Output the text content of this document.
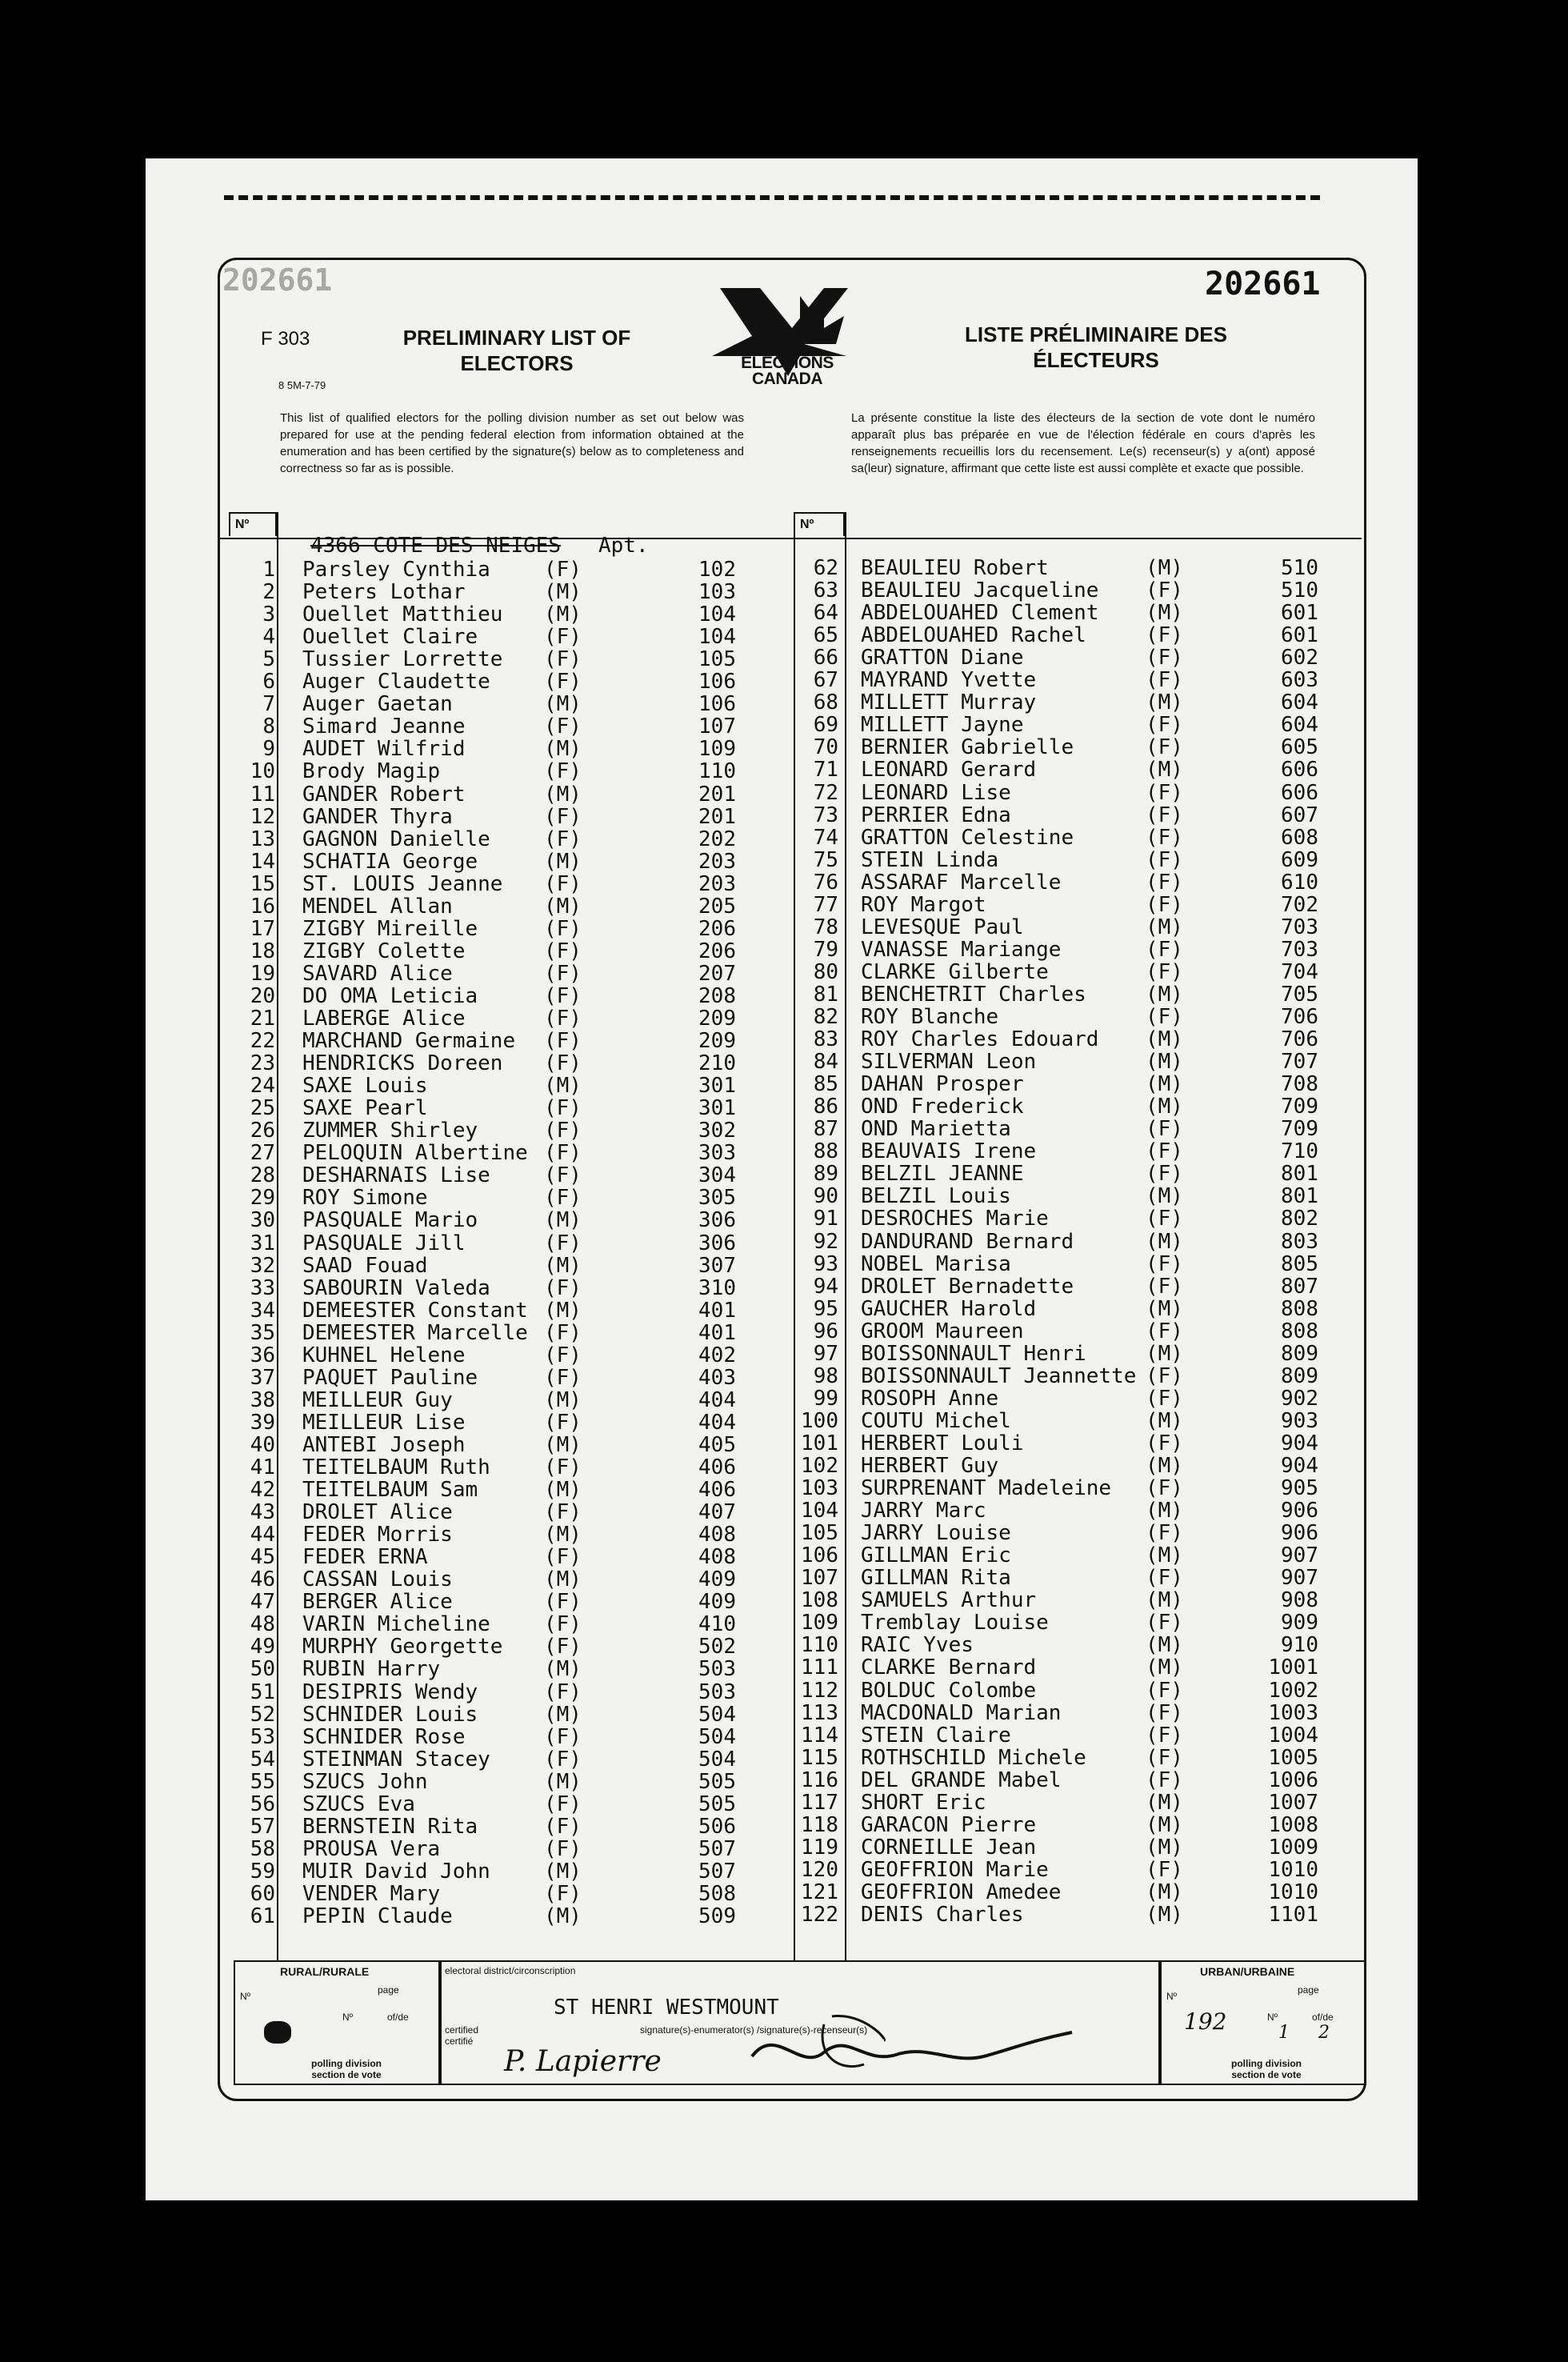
202661	202661
F 303
8 5M-7-79
PRELIMINARY LIST OF
ELECTORS
LISTE PRÉLIMINAIRE DES
ÉLECTEURS
ELECTIONS
CANADA
This list of qualified electors for the polling division number as set out below was prepared for use at the pending federal election from information obtained at the enumeration and has been certified by the signature(s) below as to completeness and correctness so far as is possible.
La présente constitue la liste des électeurs de la section de vote dont le numéro apparaît plus bas préparée en vue de l'élection fédérale en cours d'après les renseignements recueillis lors du recensement. Le(s) recenseur(s) y a(ont) apposé sa(leur) signature, affirmant que cette liste est aussi complète et exacte que possible.
Nº	Nº

4366 COTE DES NEIGES

Apt.

1 Parsley Cynthia	(F)	102
2 Peters Lothar	(M)	103
3 Ouellet Matthieu (M)	104
4 Ouellet Claire	(F)	104
5 Tussier Lorrette (F)	105
6 Auger Claudette	(F)	106
7 Auger Gaetan	(M)	106
8 Simard Jeanne	(F)	107
9 AUDET Wilfrid	(M)	109
10 Brody Magip	(F)	110
11 GANDER Robert	(M)	201
12 GANDER Thyra	(F)	201
13 GAGNON Danielle	(F)	202
14 SCHATIA George	(M)	203
15 ST. LOUIS Jeanne (F)	203
16 MENDEL Allan	(M)	205
17 ZIGBY Mireille	(F)	206
18 ZIGBY Colette	(F)	206
19 SAVARD Alice	(F)	207
20 DO OMA Leticia	(F)	208
21 LABERGE Alice	(F)	209
22 MARCHAND Germaine (F)	209
23 HENDRICKS Doreen (F)	210
24 SAXE Louis	(M)	301
25 SAXE Pearl	(F)	301
26 ZUMMER Shirley	(F)	302
27 PELOQUIN Albertine (F)	303
28 DESHARNAIS Lise	(F)	304
29 ROY Simone	(F)	305
30 PASQUALE Mario	(M)	306
31 PASQUALE Jill	(F)	306
32 SAAD Fouad	(M)	307
33 SABOURIN Valeda	(F)	310
34 DEMEESTER Constant (M)	401
35 DEMEESTER Marcelle (F)	401
36 KUHNEL Helene	(F)	402
37 PAQUET Pauline	(F)	403
38 MEILLEUR Guy	(M)	404
39 MEILLEUR Lise	(F)	404
40 ANTEBI Joseph	(M)	405
41 TEITELBAUM Ruth	(F)	406
42 TEITELBAUM Sam	(M)	406
43 DROLET Alice	(F)	407
44 FEDER Morris	(M)	408
45 FEDER ERNA	(F)	408
46 CASSAN Louis	(M)	409
47 BERGER Alice	(F)	409
48 VARIN Micheline	(F)	410
49 MURPHY Georgette (F)	502
50 RUBIN Harry	(M)	503
51 DESIPRIS Wendy	(F)	503
52 SCHNIDER Louis	(M)	504
53 SCHNIDER Rose	(F)	504
54 STEINMAN Stacey	(F)	504
55 SZUCS John	(M)	505
56 SZUCS Eva	(F)	505
57 BERNSTEIN Rita	(F)	506
58 PROUSA Vera	(F)	507
59 MUIR David John	(M)	507
60 VENDER Mary	(F)	508
61 PEPIN Claude	(M)	509
62 BEAULIEU Robert	(M)	510
63 BEAULIEU Jacqueline (F)	510
64 ABDELOUAHED Clement (M)	601
65 ABDELOUAHED Rachel	(F)	601
66 GRATTON Diane	(F)	602
67 MAYRAND Yvette	(F)	603
68 MILLETT Murray	(M)	604
69 MILLETT Jayne	(F)	604
70 BERNIER Gabrielle	(F)	605
71 LEONARD Gerard	(M)	606
72 LEONARD Lise	(F)	606
73 PERRIER Edna	(F)	607
74 GRATTON Celestine	(F)	608
75 STEIN Linda	(F)	609
76 ASSARAF Marcelle	(F)	610
77 ROY Margot	(F)	702
78 LEVESQUE Paul	(M)	703
79 VANASSE Mariange	(F)	703
80 CLARKE Gilberte	(F)	704
81 BENCHETRIT Charles	(M)	705
82 ROY Blanche	(F)	706
83 ROY Charles Edouard (M)	706
84 SILVERMAN Leon	(M)	707
85 DAHAN Prosper	(M)	708
86 OND Frederick	(M)	709
87 OND Marietta	(F)	709
88 BEAUVAIS Irene	(F)	710
89 BELZIL JEANNE	(F)	801
90 BELZIL Louis	(M)	801
91 DESROCHES Marie	(F)	802
92 DANDURAND Bernard	(M)	803
93 NOBEL Marisa	(F)	805
94 DROLET Bernadette	(F)	807
95 GAUCHER Harold	(M)	808
96 GROOM Maureen	(F)	808
97 BOISSONNAULT Henri	(M)	809
98 BOISSONNAULT Jeannette (F)	809
99 ROSOPH Anne	(F)	902
100 COUTU Michel	(M)	903
101 HERBERT Louli	(F)	904
102 HERBERT Guy	(M)	904
103 SURPRENANT Madeleine (F)	905
104 JARRY Marc	(M)	906
105 JARRY Louise	(F)	906
106 GILLMAN Eric	(M)	907
107 GILLMAN Rita	(F)	907
108 SAMUELS Arthur	(M)	908
109 Tremblay Louise	(F)	909
110 RAIC Yves	(M)	910
111 CLARKE Bernard	(M)	1001
112 BOLDUC Colombe	(F)	1002
113 MACDONALD Marian	(F)	1003
114 STEIN Claire	(F)	1004
115 ROTHSCHILD Michele	(F)	1005
116 DEL GRANDE Mabel	(F)	1006
117 SHORT Eric	(M)	1007
118 GARACON Pierre	(M)	1008
119 CORNEILLE Jean	(M)	1009
120 GEOFFRION Marie	(F)	1010
121 GEOFFRION Amedee	(M)	1010
122 DENIS Charles	(M)	1101
RURAL/RURALE
Nº
page
Nº	of/de
polling division
section de vote
electoral district/circonscription
ST HENRI WESTMOUNT
certified
certifié
signature(s)-enumerator(s) /signature(s)-recenseur(s)
P. Lapierre
URBAN/URBAINE
Nº
192
page
Nº	of/de
1 2
polling division
section de vote
